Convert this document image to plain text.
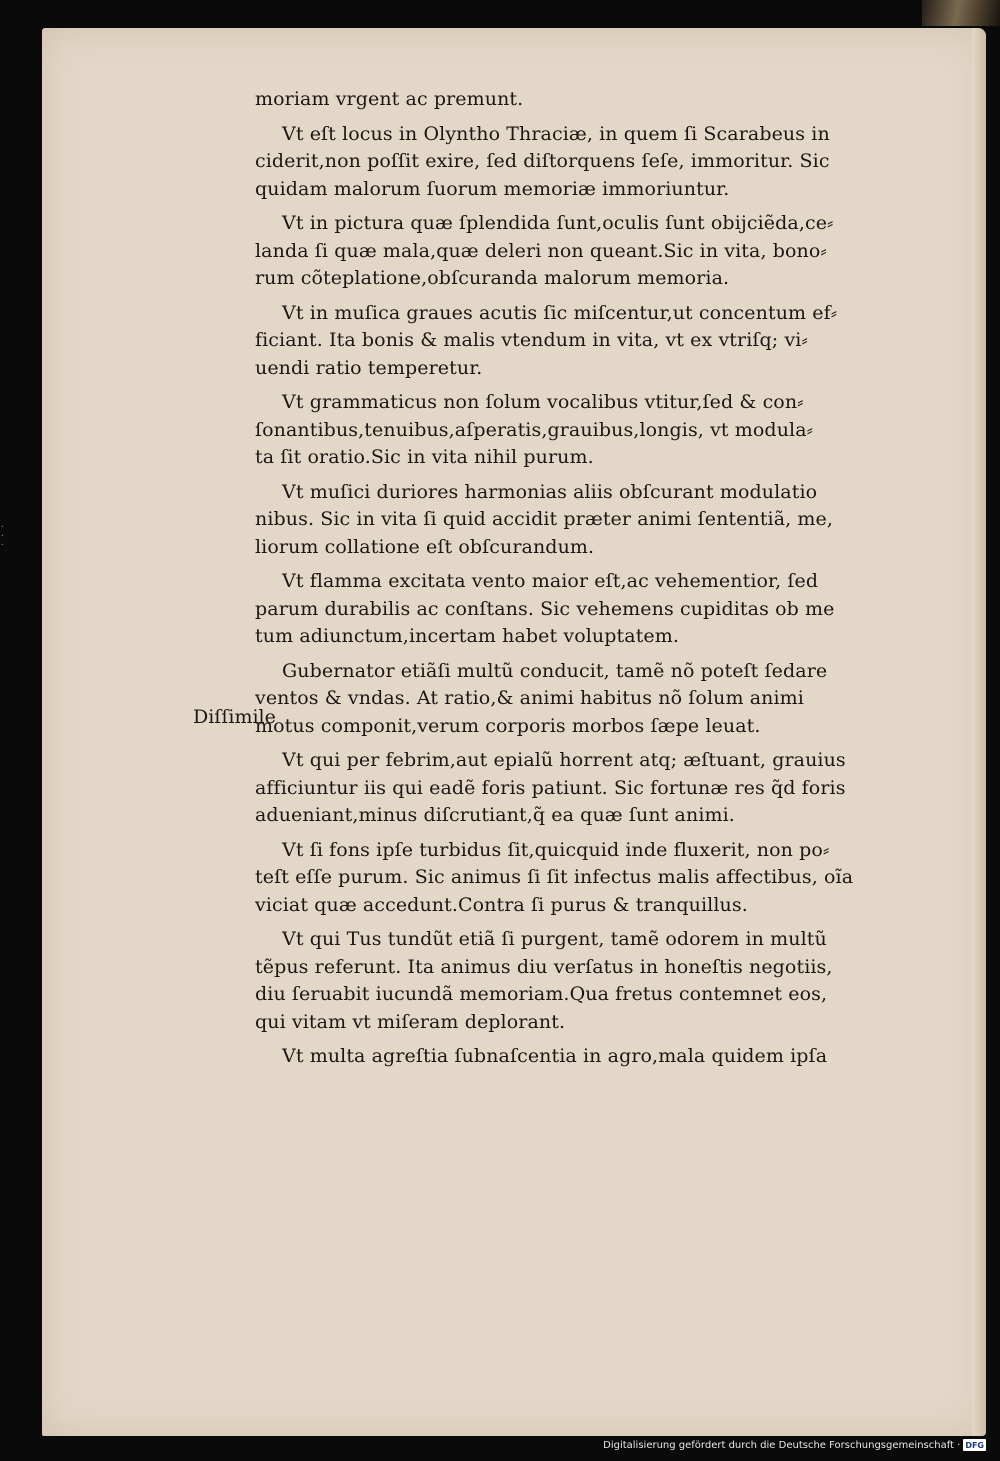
· · ·
Diſſimile
moriam vrgent ac premunt.
Vt eſt locus in Olyntho Thraciæ, in quem ſi Scarabeus in
ciderit,non poſſit exire, ſed diſtorquens ſeſe, immoritur. Sic
quidam malorum ſuorum memoriæ immoriuntur.
Vt in pictura quæ ſplendida ſunt,oculis ſunt obijciẽda,ce⸗
landa ſi quæ mala,quæ deleri non queant.Sic in vita, bono⸗
rum cõteplatione,obſcuranda malorum memoria.
Vt in muſica graues acutis ſic miſcentur,ut concentum ef⸗
ficiant. Ita bonis & malis vtendum in vita, vt ex vtriſq; vi⸗
uendi ratio temperetur.
Vt grammaticus non ſolum vocalibus vtitur,ſed & con⸗
ſonantibus,tenuibus,aſperatis,grauibus,longis, vt modula⸗
ta ſit oratio.Sic in vita nihil purum.
Vt muſici duriores harmonias aliis obſcurant modulatio
nibus. Sic in vita ſi quid accidit præter animi ſententiã, me,
liorum collatione eſt obſcurandum.
Vt flamma excitata vento maior eſt,ac vehementior, ſed
parum durabilis ac conſtans. Sic vehemens cupiditas ob me
tum adiunctum,incertam habet voluptatem.
Gubernator etiãſi multũ conducit, tamẽ nõ poteſt ſedare
ventos & vndas. At ratio,& animi habitus nõ ſolum animi
motus componit,verum corporis morbos ſæpe leuat.
Vt qui per febrim,aut epialũ horrent atq; æſtuant, grauius
afficiuntur iis qui eadẽ foris patiunt. Sic fortunæ res q̃d foris
adueniant,minus diſcrutiant,q̃ ea quæ ſunt animi.
Vt ſi fons ipſe turbidus ſit,quicquid inde fluxerit, non po⸗
teſt eſſe purum. Sic animus ſi ſit infectus malis affectibus, oĩa
viciat quæ accedunt.Contra ſi purus & tranquillus.
Vt qui Tus tundũt etiã ſi purgent, tamẽ odorem in multũ
tẽpus referunt. Ita animus diu verſatus in honeſtis negotiis,
diu ſeruabit iucundã memoriam.Qua fretus contemnet eos,
qui vitam vt miſeram deplorant.
Vt multa agreſtia ſubnaſcentia in agro,mala quidem ipſa
Digitalisierung gefördert durch die Deutsche Forschungsgemeinschaft · DFG
